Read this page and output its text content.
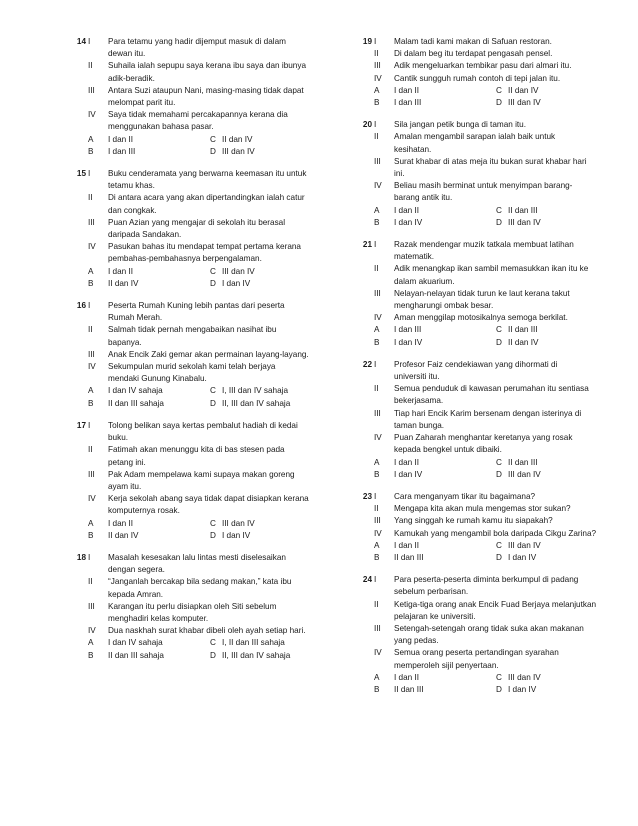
14 I	Para tetamu yang hadir dijemput masuk di dalam
dewan itu.
II	Suhaila ialah sepupu saya kerana ibu saya dan ibunya
adik-beradik.
III	Antara Suzi ataupun Nani, masing-masing tidak dapat
melompat parit itu.
IV	Saya tidak memahami percakapannya kerana dia
menggunakan bahasa pasar.
A	I dan II	C II dan IV
B	I dan III	D III dan IV
15 I	Buku cenderamata yang berwarna keemasan itu untuk
tetamu khas.
II	Di antara acara yang akan dipertandingkan ialah catur
dan congkak.
III	Puan Azian yang mengajar di sekolah itu berasal
daripada Sandakan.
IV	Pasukan bahas itu mendapat tempat pertama kerana
pembahas-pembahasnya berpengalaman.
A	I dan II	C III dan IV
B	II dan IV	D I dan IV
16 I	Peserta Rumah Kuning lebih pantas dari peserta
Rumah Merah.
II	Salmah tidak pernah mengabaikan nasihat ibu
bapanya.
III	Anak Encik Zaki gemar akan permainan layang-layang.
IV	Sekumpulan murid sekolah kami telah berjaya
mendaki Gunung Kinabalu.
A	I dan IV sahaja	C I, III dan IV sahaja
B	II dan III sahaja	D II, III dan IV sahaja
17 I	Tolong belikan saya kertas pembalut hadiah di kedai
buku.
II	Fatimah akan menunggu kita di bas stesen pada
petang ini.
III	Pak Adam mempelawa kami supaya makan goreng
ayam itu.
IV	Kerja sekolah abang saya tidak dapat disiapkan kerana
komputernya rosak.
A	I dan II	C III dan IV
B	II dan IV	D I dan IV
18 I	Masalah kesesakan lalu lintas mesti diselesaikan
dengan segera.
II	“Janganlah bercakap bila sedang makan,” kata ibu
kepada Amran.
III	Karangan itu perlu disiapkan oleh Siti sebelum
menghadiri kelas komputer.
IV	Dua naskhah surat khabar dibeli oleh ayah setiap hari.
A	I dan IV sahaja	C I, II dan III sahaja
B	II dan III sahaja	D II, III dan IV sahaja
19 I	Malam tadi kami makan di Safuan restoran.
II	Di dalam beg itu terdapat pengasah pensel.
III	Adik mengeluarkan tembikar pasu dari almari itu.
IV	Cantik sungguh rumah contoh di tepi jalan itu.
A	I dan II	C II dan IV
B	I dan III	D III dan IV
20 I	Sila jangan petik bunga di taman itu.
II	Amalan mengambil sarapan ialah baik untuk
kesihatan.
III	Surat khabar di atas meja itu bukan surat khabar hari
ini.
IV	Beliau masih berminat untuk menyimpan barang-
barang antik itu.
A	I dan II	C II dan III
B	I dan IV	D III dan IV
21 I	Razak mendengar muzik tatkala membuat latihan
matematik.
II	Adik menangkap ikan sambil memasukkan ikan itu ke
dalam akuarium.
III	Nelayan-nelayan tidak turun ke laut kerana takut
mengharungi ombak besar.
IV	Aman menggilap motosikalnya semoga berkilat.
A	I dan III	C II dan III
B	I dan IV	D II dan IV
22 I	Profesor Faiz cendekiawan yang dihormati di
universiti itu.
II	Semua penduduk di kawasan perumahan itu sentiasa
bekerjasama.
III	Tiap hari Encik Karim bersenam dengan isterinya di
taman bunga.
IV	Puan Zaharah menghantar keretanya yang rosak
kepada bengkel untuk dibaiki.
A	I dan II	C II dan III
B	I dan IV	D III dan IV
23 I	Cara menganyam tikar itu bagaimana?
II	Mengapa kita akan mula mengemas stor sukan?
III	Yang singgah ke rumah kamu itu siapakah?
IV	Kamukah yang mengambil bola daripada Cikgu Zarina?
A	I dan II	C III dan IV
B	II dan III	D I dan IV
24 I	Para peserta-peserta diminta berkumpul di padang
sebelum perbarisan.
II	Ketiga-tiga orang anak Encik Fuad Berjaya melanjutkan
pelajaran ke universiti.
III	Setengah-setengah orang tidak suka akan makanan
yang pedas.
IV	Semua orang peserta pertandingan syarahan
memperoleh sijil penyertaan.
A	I dan II	C III dan IV
B	II dan III	D I dan IV
